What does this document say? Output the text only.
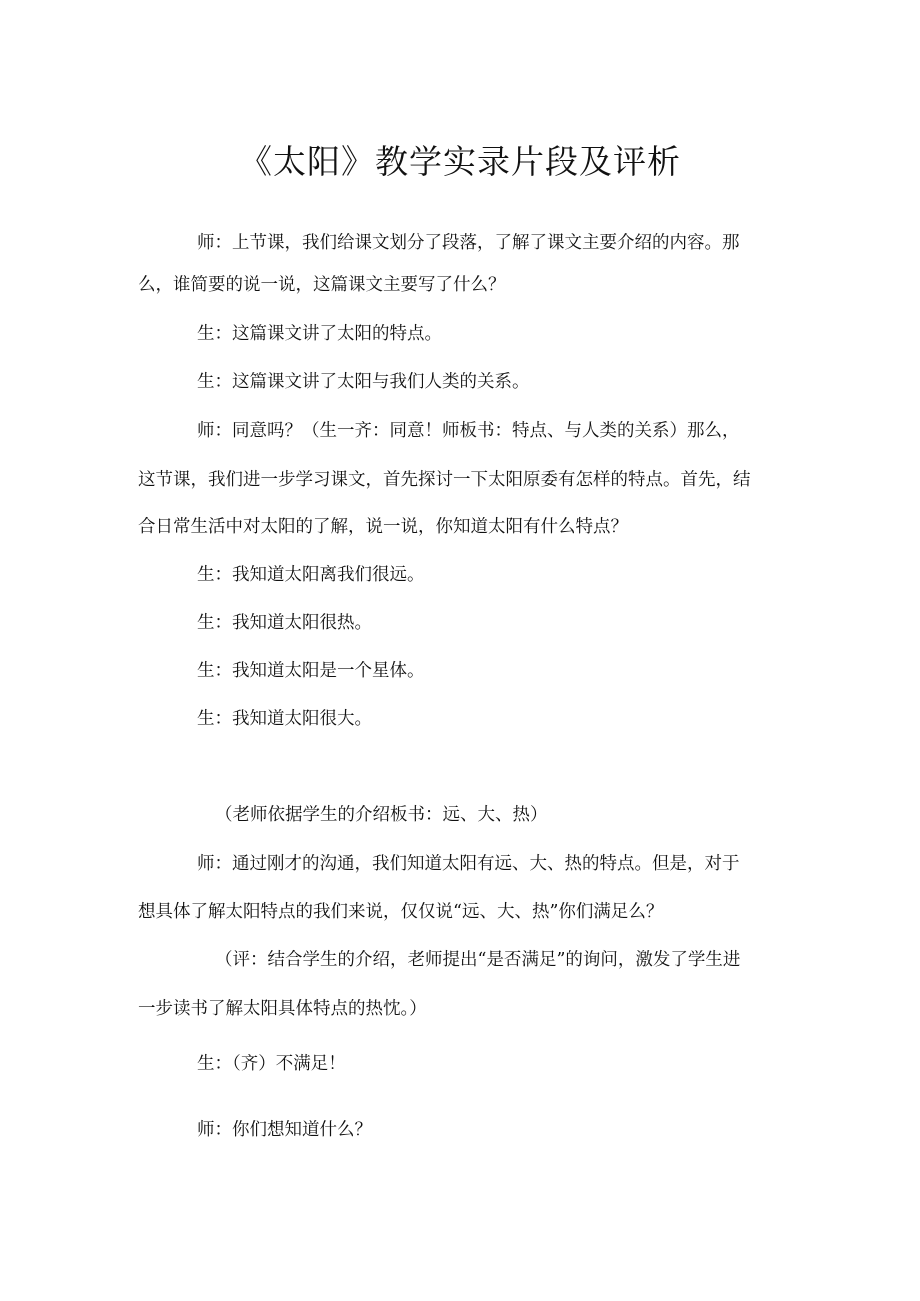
《太阳》教学实录片段及评析

师：上节课，我们给课文划分了段落，了解了课文主要介绍的内容。那

么，谁简要的说一说，这篇课文主要写了什么？

生：这篇课文讲了太阳的特点。

生：这篇课文讲了太阳与我们人类的关系。

师：同意吗？（生一齐：同意！师板书：特点、与人类的关系）那么，

这节课，我们进一步学习课文，首先探讨一下太阳原委有怎样的特点。首先，结

合日常生活中对太阳的了解，说一说，你知道太阳有什么特点？

生：我知道太阳离我们很远。

生：我知道太阳很热。

生：我知道太阳是一个星体。

生：我知道太阳很大。

（老师依据学生的介绍板书：远、大、热）

师：通过刚才的沟通，我们知道太阳有远、大、热的特点。但是，对于

想具体了解太阳特点的我们来说，仅仅说“远、大、热”你们满足么？

（评：结合学生的介绍，老师提出“是否满足”的询问，激发了学生进

一步读书了解太阳具体特点的热忱。）

生：（齐）不满足！

师：你们想知道什么？
